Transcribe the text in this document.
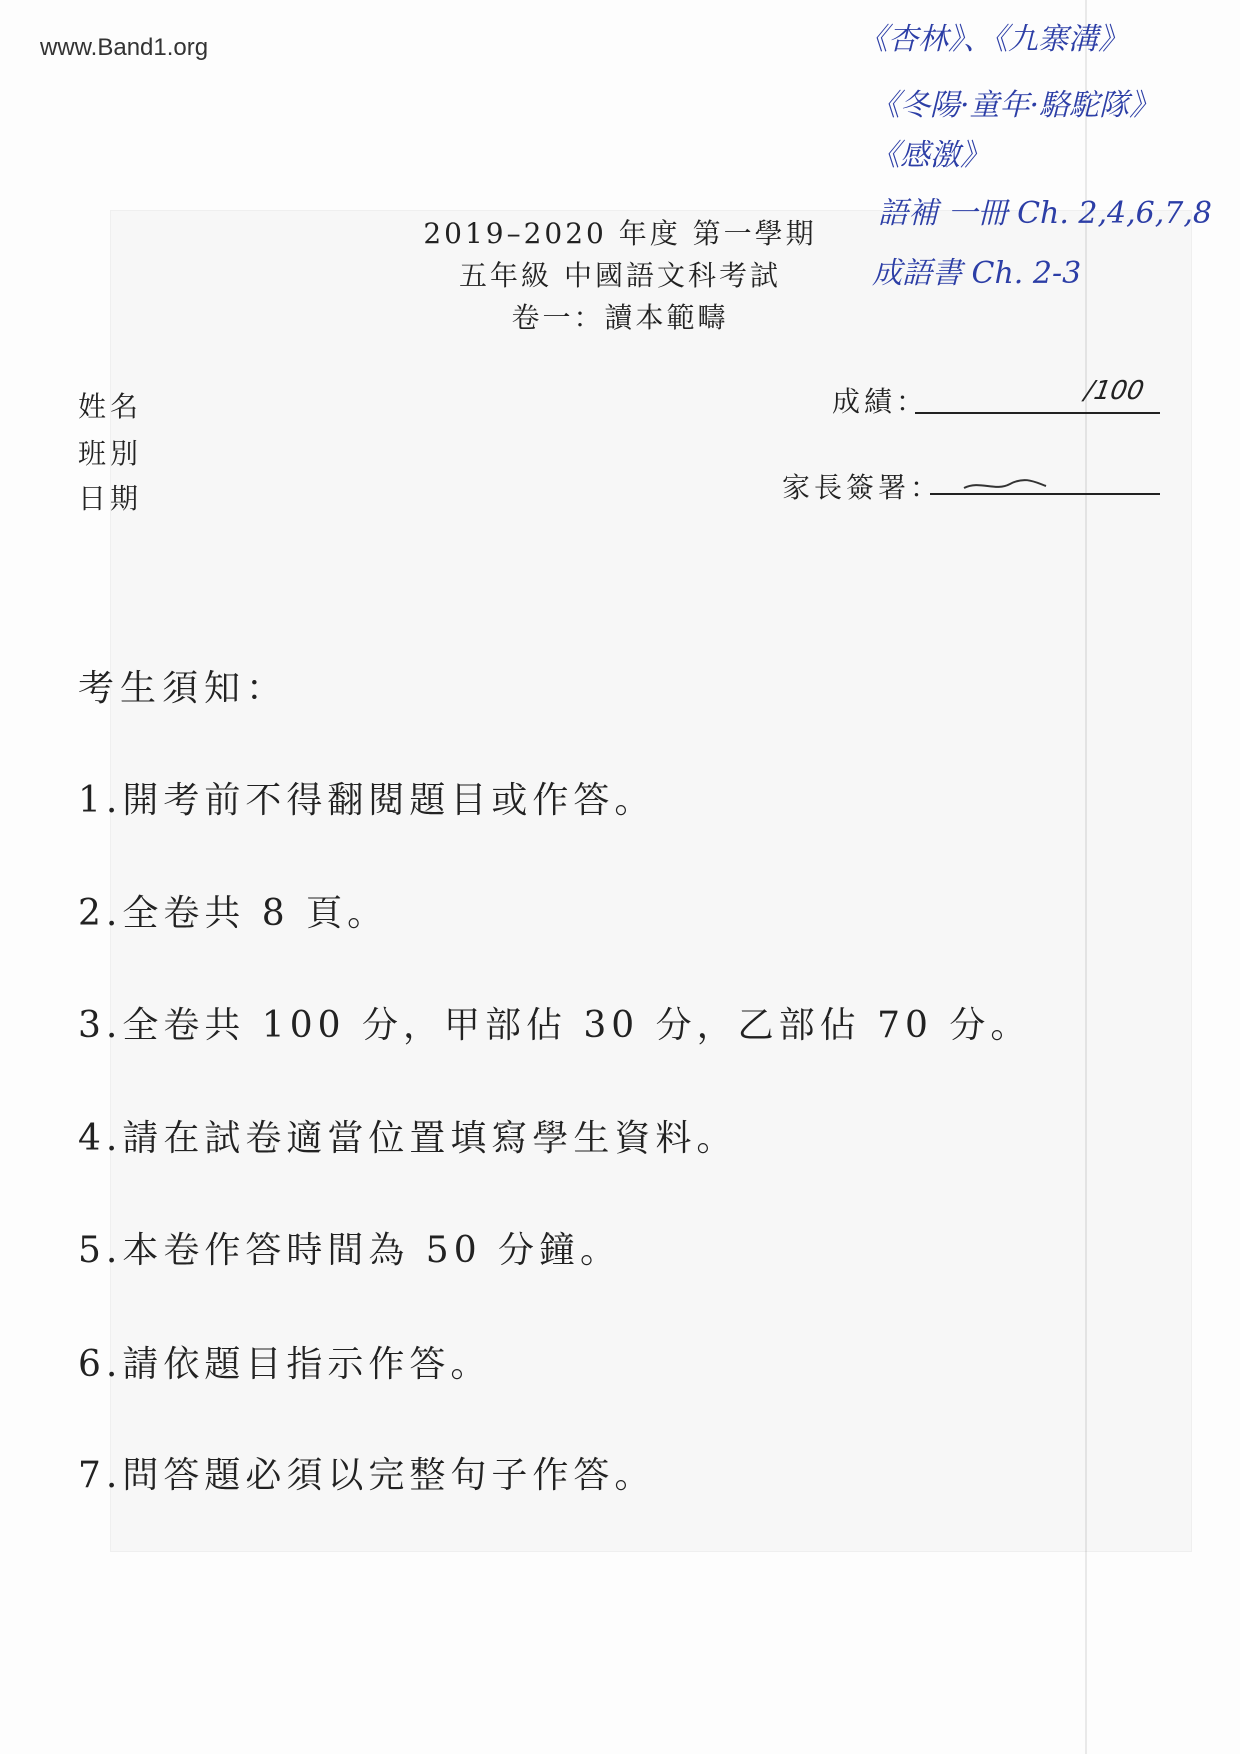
www.Band1.org	《杏林》、《九寨溝》
《冬陽·童年·駱駝隊》
《感激》
語補 一冊 Ch. 2,4,6,7,8
成語書 Ch. 2-3
2019–2020 年度 第一學期
五年級 中國語文科考試
卷一：讀本範疇
姓名
班別
日期
成績：	/100
家長簽署：
考生須知：
1.開考前不得翻閱題目或作答。
2.全卷共 8 頁。
3.全卷共 100 分，甲部佔 30 分，乙部佔 70 分。
4.請在試卷適當位置填寫學生資料。
5.本卷作答時間為 50 分鐘。
6.請依題目指示作答。
7.問答題必須以完整句子作答。
